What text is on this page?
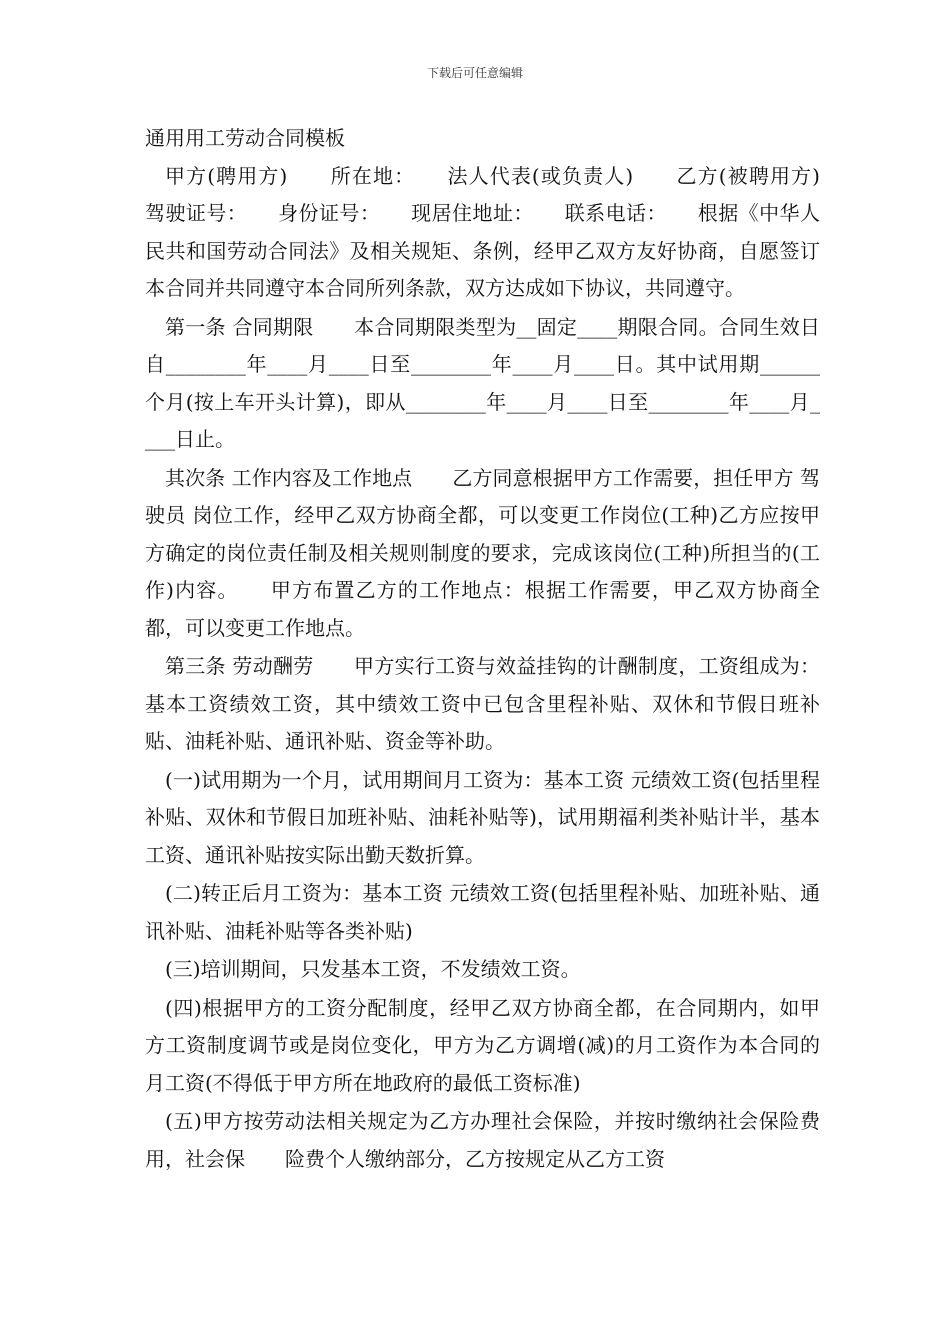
下载后可任意编辑
通用用工劳动合同模板

甲方(聘用方)　　所在地：　　法人代表(或负责人)　　乙方(被聘用方)　 驾驶证号：　　身份证号：　　现居住地址：　　联系电话：　　根据《中华人民共和国劳动合同法》及相关规矩、条例，经甲乙双方友好协商，自愿签订本合同并共同遵守本合同所列条款，双方达成如下协议，共同遵守。

第一条 合同期限　　本合同期限类型为__固定____期限合同。合同生效日自________年____月____日至________年____月____日。其中试用期______个月(按上车开头计算)，即从________年____月____日至________年____月____日止。

其次条 工作内容及工作地点　　乙方同意根据甲方工作需要，担任甲方 驾驶员 岗位工作，经甲乙双方协商全都，可以变更工作岗位(工种)乙方应按甲方确定的岗位责任制及相关规则制度的要求，完成该岗位(工种)所担当的(工作)内容。　　甲方布置乙方的工作地点：根据工作需要，甲乙双方协商全都，可以变更工作地点。

第三条 劳动酬劳　　甲方实行工资与效益挂钩的计酬制度，工资组成为：基本工资绩效工资，其中绩效工资中已包含里程补贴、双休和节假日班补贴、油耗补贴、通讯补贴、资金等补助。

(一)试用期为一个月，试用期间月工资为：基本工资 元绩效工资(包括里程补贴、双休和节假日加班补贴、油耗补贴等)，试用期福利类补贴计半，基本工资、通讯补贴按实际出勤天数折算。

(二)转正后月工资为：基本工资 元绩效工资(包括里程补贴、加班补贴、通讯补贴、油耗补贴等各类补贴)

(三)培训期间，只发基本工资，不发绩效工资。

(四)根据甲方的工资分配制度，经甲乙双方协商全都，在合同期内，如甲方工资制度调节或是岗位变化，甲方为乙方调增(减)的月工资作为本合同的月工资(不得低于甲方所在地政府的最低工资标准)

(五)甲方按劳动法相关规定为乙方办理社会保险，并按时缴纳社会保险费用，社会保　　险费个人缴纳部分，乙方按规定从乙方工资
